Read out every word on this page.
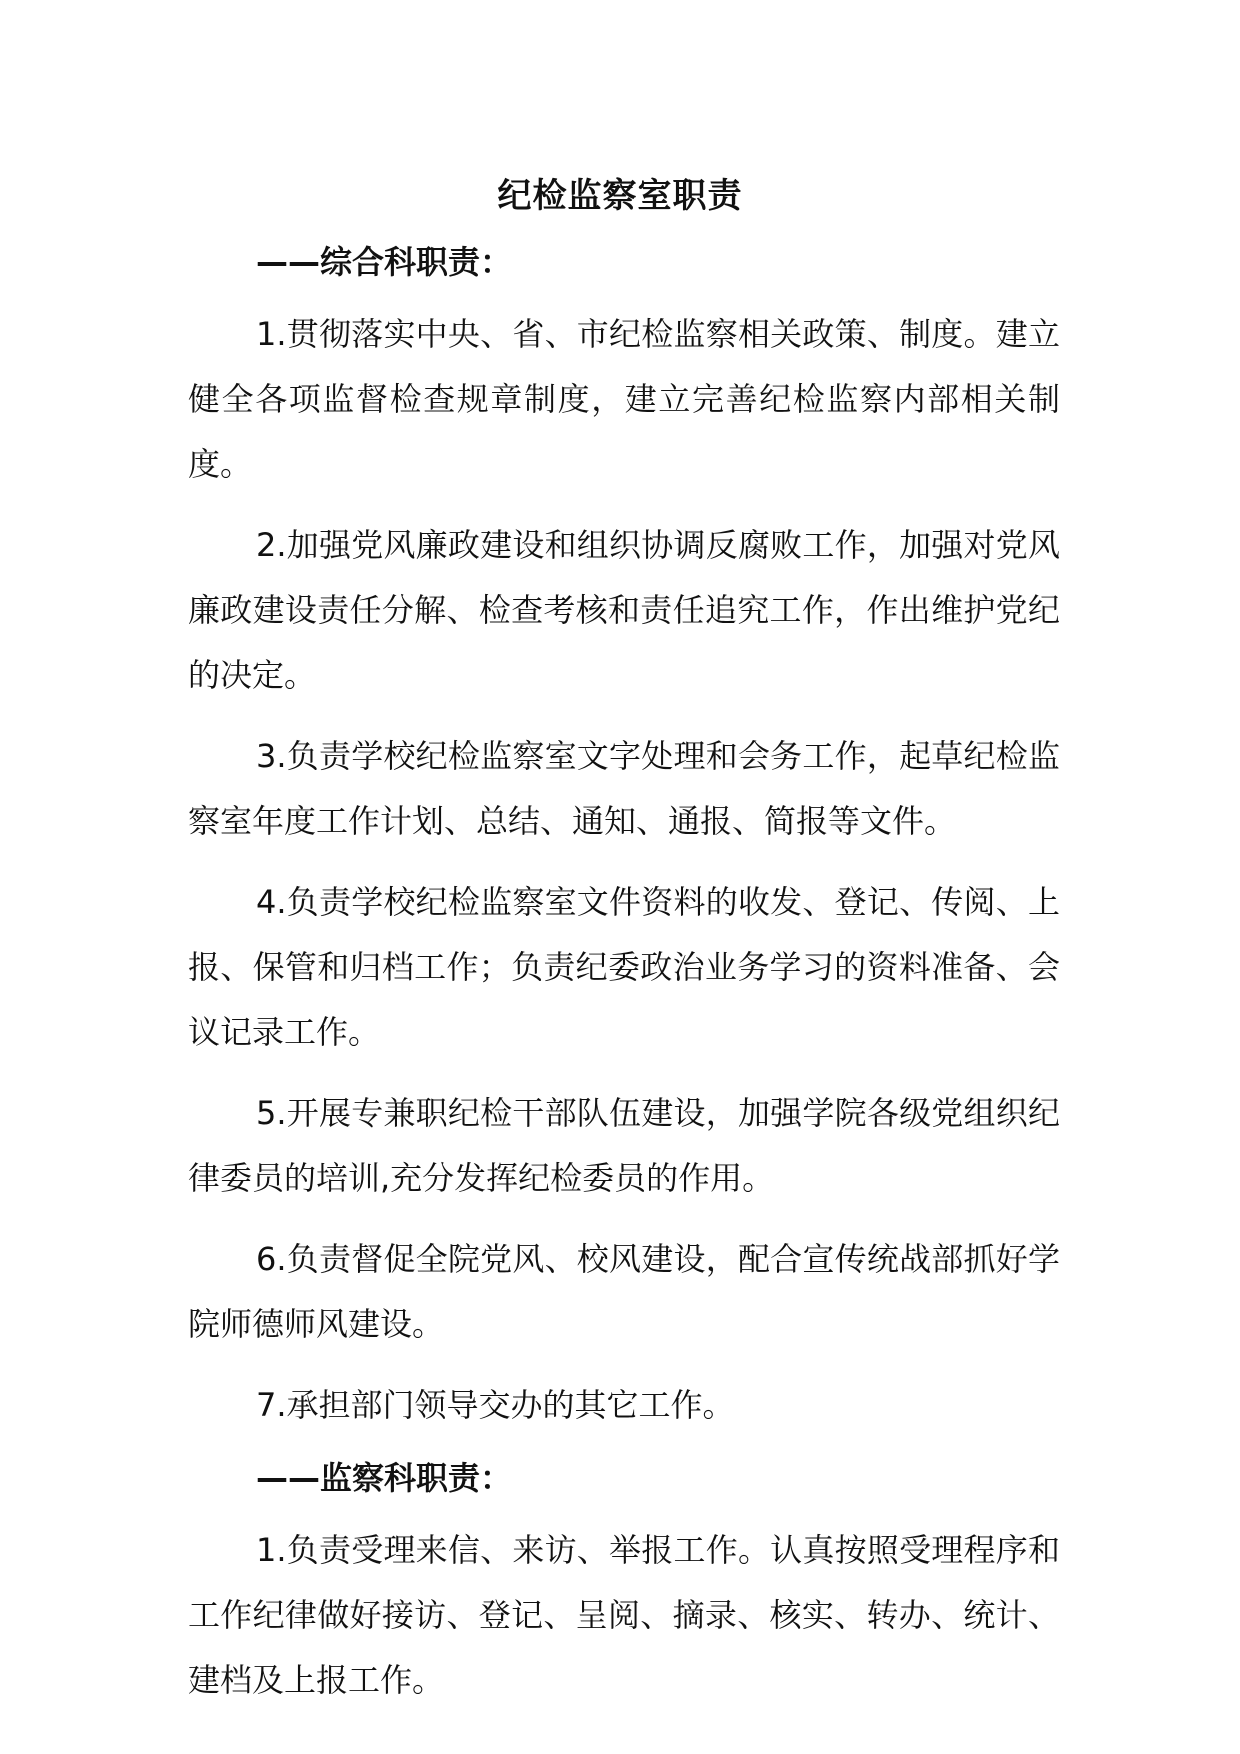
纪检监察室职责
——综合科职责：

1.贯彻落实中央、省、市纪检监察相关政策、制度。建立健全各项监督检查规章制度，建立完善纪检监察内部相关制度。

2.加强党风廉政建设和组织协调反腐败工作，加强对党风廉政建设责任分解、检查考核和责任追究工作，作出维护党纪的决定。

3.负责学校纪检监察室文字处理和会务工作，起草纪检监察室年度工作计划、总结、通知、通报、简报等文件。

4.负责学校纪检监察室文件资料的收发、登记、传阅、上报、保管和归档工作；负责纪委政治业务学习的资料准备、会议记录工作。

5.开展专兼职纪检干部队伍建设，加强学院各级党组织纪律委员的培训,充分发挥纪检委员的作用。

6.负责督促全院党风、校风建设，配合宣传统战部抓好学院师德师风建设。

7.承担部门领导交办的其它工作。

——监察科职责：

1.负责受理来信、来访、举报工作。认真按照受理程序和工作纪律做好接访、登记、呈阅、摘录、核实、转办、统计、建档及上报工作。
